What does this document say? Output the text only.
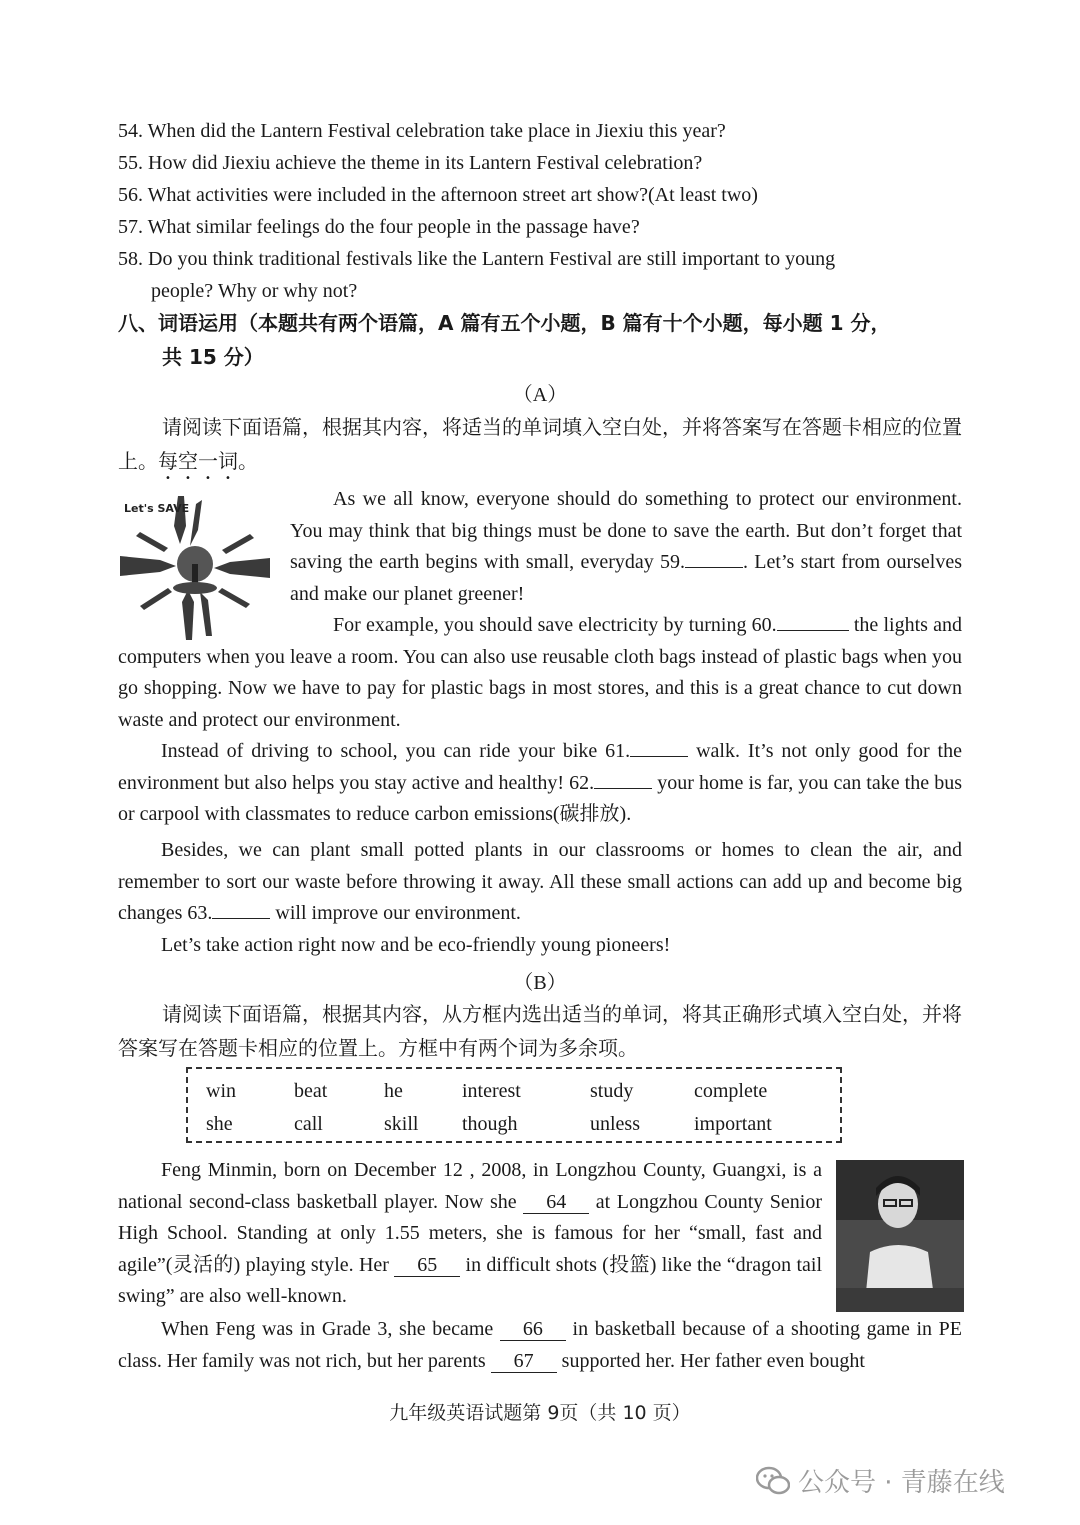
54. When did the Lantern Festival celebration take place in Jiexiu this year?
55. How did Jiexiu achieve the theme in its Lantern Festival celebration?
56. What activities were included in the afternoon street art show?(At least two)
57. What similar feelings do the four people in the passage have?
58. Do you think traditional festivals like the Lantern Festival are still important to young
people? Why or why not?
八、词语运用（本题共有两个语篇，A 篇有五个小题，B 篇有十个小题，每小题 1 分，
共 15 分）
（A）
请阅读下面语篇，根据其内容，将适当的单词填入空白处，并将答案写在答题卡相应的位置上。每空一词。
Let's SAVE	As we all know, everyone should do something to protect our environment. You may think that big things must be done to save the earth. But don’t forget that saving the earth begins with small, everyday 59.	. Let’s start from ourselves and make our planet greener!

For example, you should save electricity by turning 60.	the lights and computers when you leave a room. You can also use reusable cloth bags instead of plastic bags when you go shopping. Now we have to pay for plastic bags in most stores, and this is a great chance to cut down waste and protect our environment.

Instead of driving to school, you can ride your bike 61.	walk. It’s not only good for the environment but also helps you stay active and healthy! 62.	your home is far, you can take the bus or carpool with classmates to reduce carbon emissions(碳排放).

Besides, we can plant small potted plants in our classrooms or homes to clean the air, and remember to sort our waste before throwing it away. All these small actions can add up and become big changes 63.	will improve our environment.

Let’s take action right now and be eco-friendly young pioneers!

（B）
请阅读下面语篇，根据其内容，从方框内选出适当的单词，将其正确形式填入空白处，并将答案写在答题卡相应的位置上。方框中有两个词为多余项。
win	beat	he	interest	study	complete
she	call	skill	though	unless	important

Feng Minmin, born on December 12 , 2008, in Longzhou County, Guangxi, is a national second-class basketball player. Now she 64 at Longzhou County Senior High School. Standing at only 1.55 meters, she is famous for her “small, fast and agile”(灵活的) playing style. Her 65 in difficult shots (投篮) like the “dragon tail swing” are also well-known.

When Feng was in Grade 3, she became 66 in basketball because of a shooting game in PE class. Her family was not rich, but her parents 67 supported her. Her father even bought

九年级英语试题第 9页（共 10 页）
公众号 · 青藤在线
